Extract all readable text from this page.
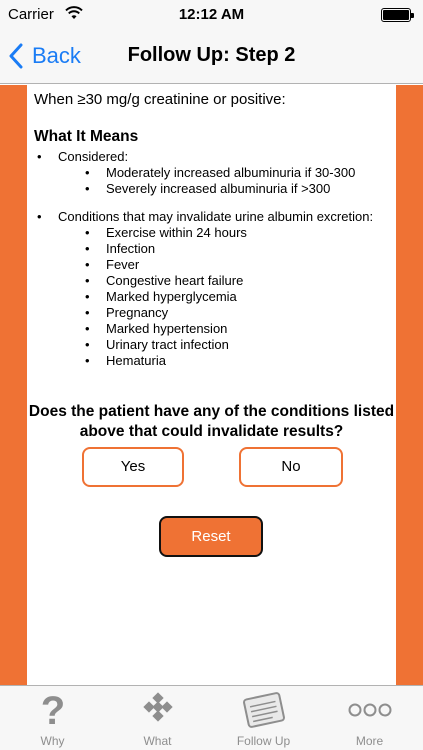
Carrier	12:12 AM
Back	Follow Up: Step 2
When ≥30 mg/g creatinine or positive:
What It Means
• Considered:
• Moderately increased albuminuria if 30-300
• Severely increased albuminuria if >300
• Conditions that may invalidate urine albumin excretion:
• Exercise within 24 hours
• Infection
• Fever
• Congestive heart failure
• Marked hyperglycemia
• Pregnancy
• Marked hypertension
• Urinary tract infection
• Hematuria
Does the patient have any of the conditions listed above that could invalidate results?
Yes	No
Reset
?
Why	What	Follow Up	More
